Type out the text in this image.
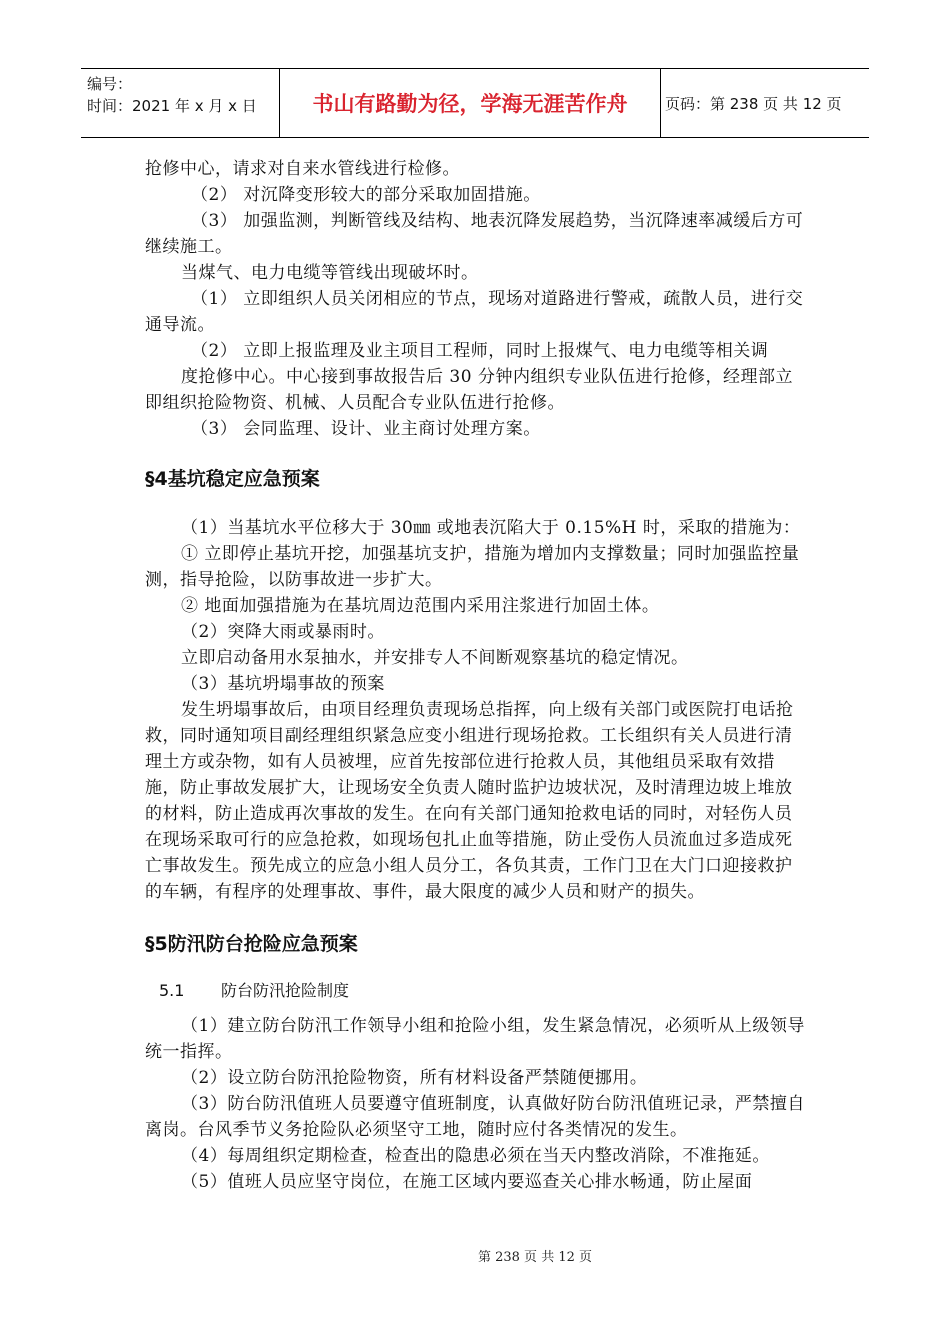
编号：
时间：2021 年 x 月 x 日	书山有路勤为径，学海无涯苦作舟	页码：第 238 页 共 12 页

抢修中心，请求对自来水管线进行检修。

（2） 对沉降变形较大的部分采取加固措施。

（3） 加强监测，判断管线及结构、地表沉降发展趋势，当沉降速率减缓后方可继续施工。

当煤气、电力电缆等管线出现破坏时。

（1） 立即组织人员关闭相应的节点，现场对道路进行警戒，疏散人员，进行交通导流。

（2） 立即上报监理及业主项目工程师，同时上报煤气、电力电缆等相关调

度抢修中心。中心接到事故报告后 30 分钟内组织专业队伍进行抢修，经理部立即组织抢险物资、机械、人员配合专业队伍进行抢修。

（3） 会同监理、设计、业主商讨处理方案。

§4基坑稳定应急预案

（1）当基坑水平位移大于 30㎜ 或地表沉陷大于 0.15%H 时，采取的措施为：

① 立即停止基坑开挖，加强基坑支护，措施为增加内支撑数量；同时加强监控量测，指导抢险，以防事故进一步扩大。

② 地面加强措施为在基坑周边范围内采用注浆进行加固土体。

（2）突降大雨或暴雨时。

立即启动备用水泵抽水，并安排专人不间断观察基坑的稳定情况。

（3）基坑坍塌事故的预案

发生坍塌事故后，由项目经理负责现场总指挥，向上级有关部门或医院打电话抢救，同时通知项目副经理组织紧急应变小组进行现场抢救。工长组织有关人员进行清理土方或杂物，如有人员被埋，应首先按部位进行抢救人员，其他组员采取有效措施，防止事故发展扩大，让现场安全负责人随时监护边坡状况，及时清理边坡上堆放的材料，防止造成再次事故的发生。在向有关部门通知抢救电话的同时，对轻伤人员在现场采取可行的应急抢救，如现场包扎止血等措施，防止受伤人员流血过多造成死亡事故发生。预先成立的应急小组人员分工，各负其责，工作门卫在大门口迎接救护的车辆，有程序的处理事故、事件，最大限度的减少人员和财产的损失。

§5防汛防台抢险应急预案
5.1 防台防汛抢险制度

（1）建立防台防汛工作领导小组和抢险小组，发生紧急情况，必须听从上级领导统一指挥。

（2）设立防台防汛抢险物资，所有材料设备严禁随便挪用。

（3）防台防汛值班人员要遵守值班制度，认真做好防台防汛值班记录，严禁擅自离岗。台风季节义务抢险队必须坚守工地，随时应付各类情况的发生。

（4）每周组织定期检查，检查出的隐患必须在当天内整改消除，不准拖延。

（5）值班人员应坚守岗位，在施工区域内要巡查关心排水畅通，防止屋面

第 238 页 共 12 页
